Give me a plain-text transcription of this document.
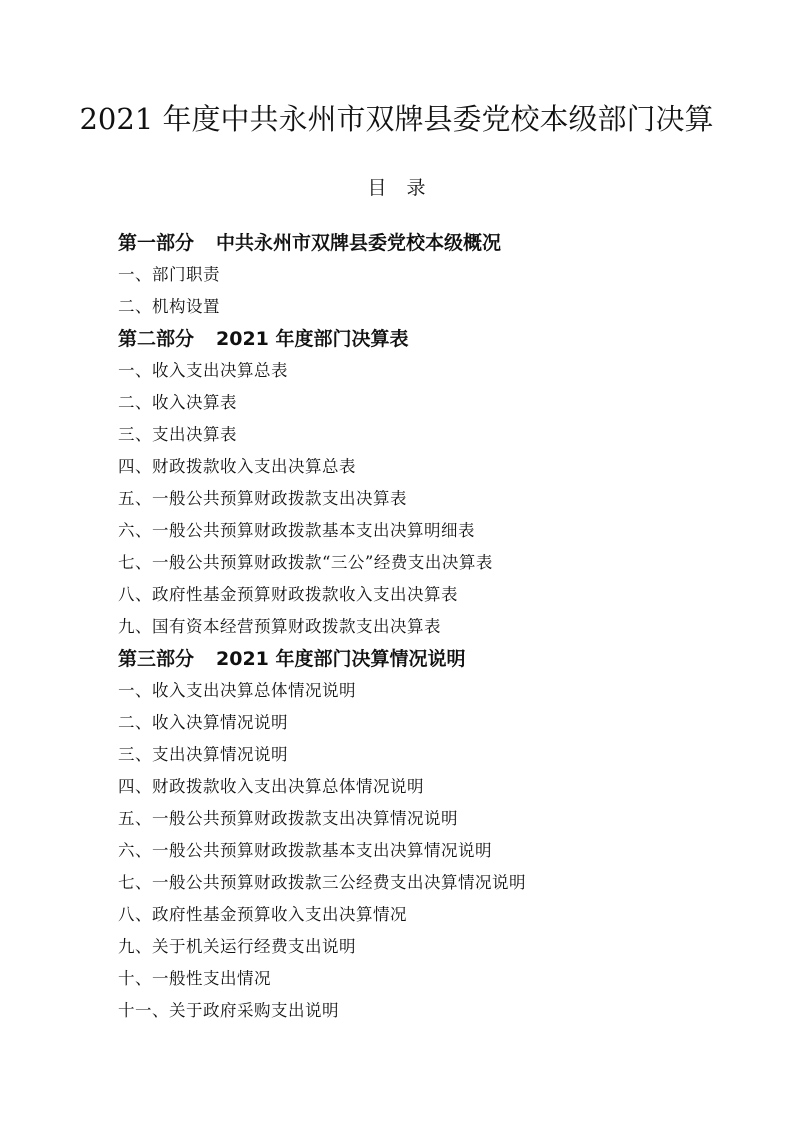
2021 年度中共永州市双牌县委党校本级部门决算
目 录
第一部分 中共永州市双牌县委党校本级概况
一、部门职责
二、机构设置
第二部分 2021 年度部门决算表
一、收入支出决算总表
二、收入决算表
三、支出决算表
四、财政拨款收入支出决算总表
五、一般公共预算财政拨款支出决算表
六、一般公共预算财政拨款基本支出决算明细表
七、一般公共预算财政拨款“三公”经费支出决算表
八、政府性基金预算财政拨款收入支出决算表
九、国有资本经营预算财政拨款支出决算表
第三部分 2021 年度部门决算情况说明
一、收入支出决算总体情况说明
二、收入决算情况说明
三、支出决算情况说明
四、财政拨款收入支出决算总体情况说明
五、一般公共预算财政拨款支出决算情况说明
六、一般公共预算财政拨款基本支出决算情况说明
七、一般公共预算财政拨款三公经费支出决算情况说明
八、政府性基金预算收入支出决算情况
九、关于机关运行经费支出说明
十、一般性支出情况
十一、关于政府采购支出说明
